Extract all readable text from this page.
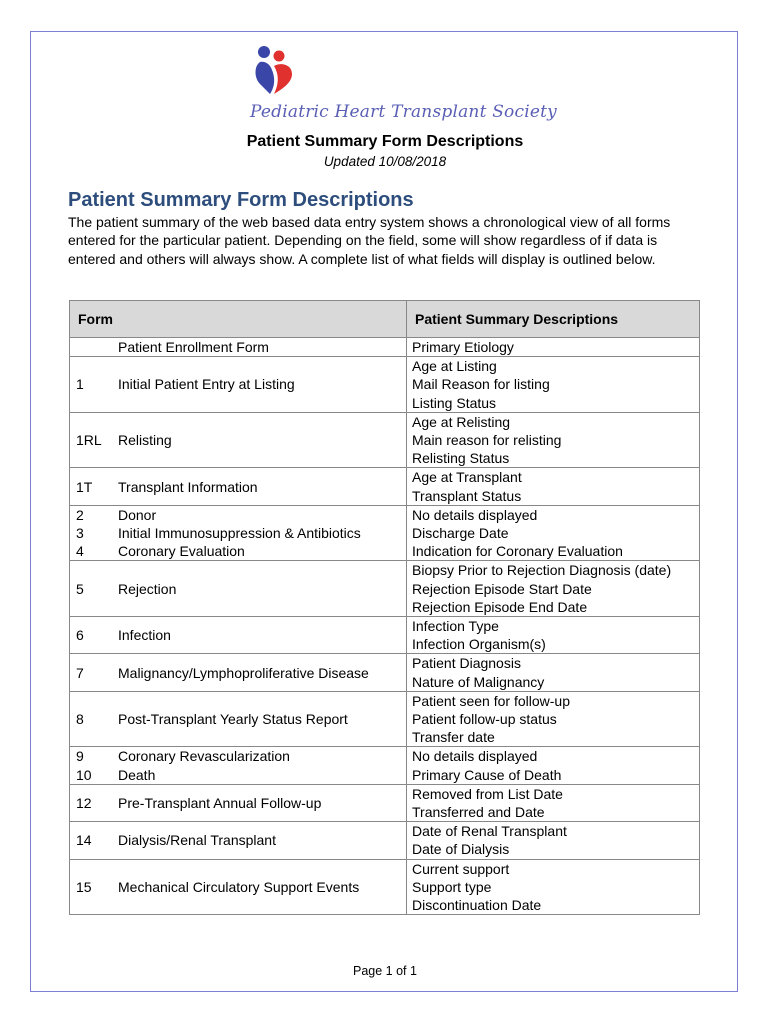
Pediatric Heart Transplant Society
Patient Summary Form Descriptions
Updated 10/08/2018
Patient Summary Form Descriptions
The patient summary of the web based data entry system shows a chronological view of all forms entered for the particular patient. Depending on the field, some will show regardless of if data is entered and others will always show. A complete list of what fields will display is outlined below.
Form		Patient Summary Descriptions
	Patient Enrollment Form	Primary Etiology

1	Initial Patient Entry at Listing	Age at Listing
Mail Reason for listing
Listing Status

1RL	Relisting	Age at Relisting
Main reason for relisting
Relisting Status

1T	Transplant Information	Age at Transplant
Transplant Status

2	Donor	No details displayed

3	Initial Immunosuppression & Antibiotics	Discharge Date

4	Coronary Evaluation	Indication for Coronary Evaluation

5	Rejection	Biopsy Prior to Rejection Diagnosis (date)
Rejection Episode Start Date
Rejection Episode End Date

6	Infection	Infection Type
Infection Organism(s)

7	Malignancy/Lymphoproliferative Disease	Patient Diagnosis
Nature of Malignancy

8	Post-Transplant Yearly Status Report	Patient seen for follow-up
Patient follow-up status
Transfer date

9	Coronary Revascularization	No details displayed

10	Death	Primary Cause of Death

12	Pre-Transplant Annual Follow-up	Removed from List Date
Transferred and Date

14	Dialysis/Renal Transplant	Date of Renal Transplant
Date of Dialysis

15	Mechanical Circulatory Support Events	Current support
Support type
Discontinuation Date
Page 1 of 1
